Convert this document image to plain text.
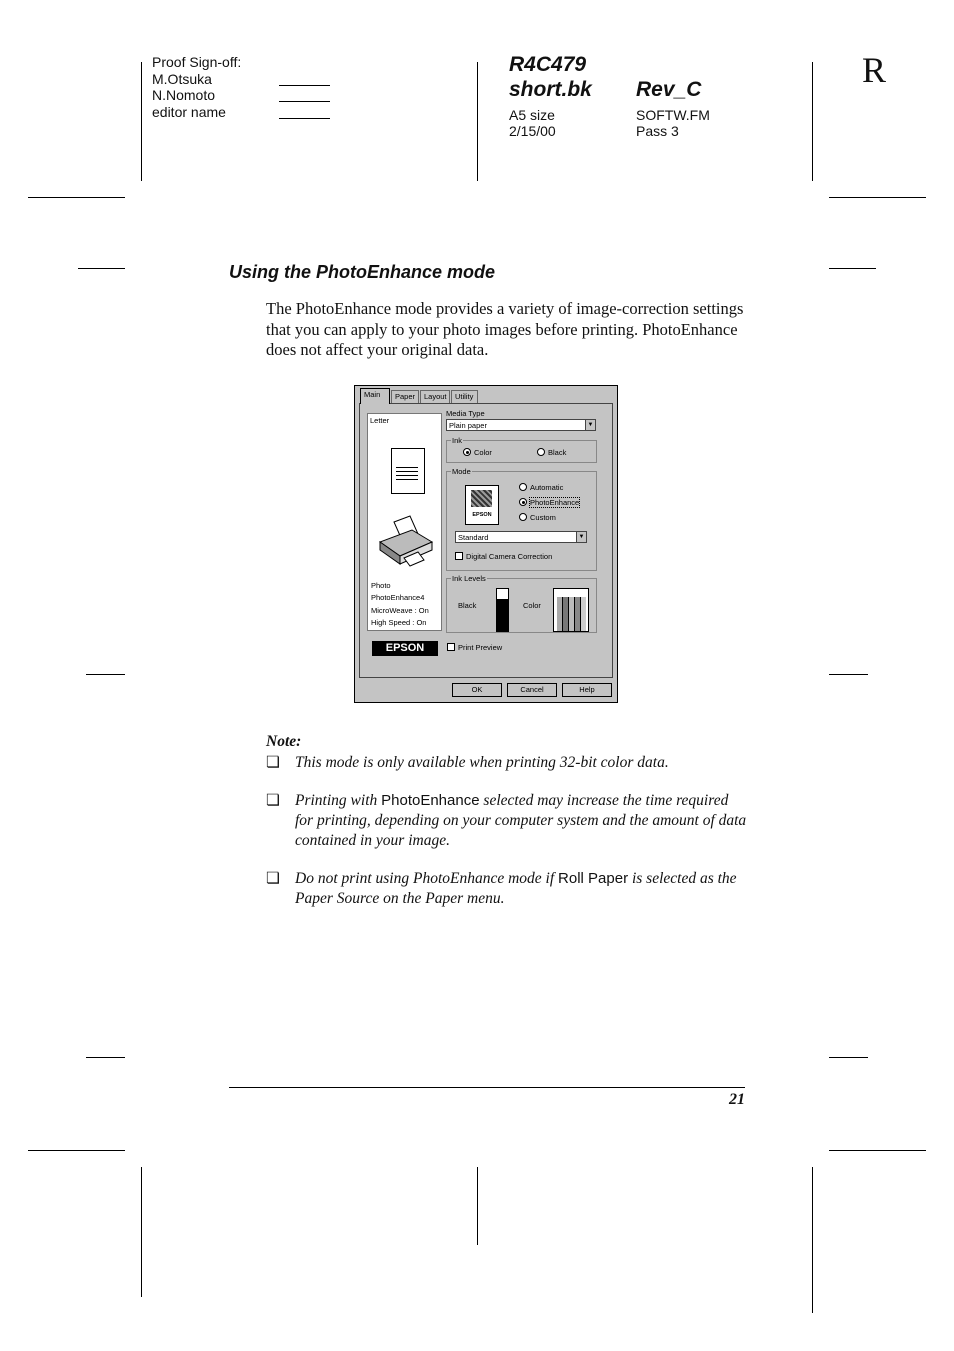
Proof Sign-off:
M.Otsuka
N.Nomoto
editor name
R4C479
short.bk Rev_C
A5 size
2/15/00
SOFTW.FM
Pass 3
R
Using the PhotoEnhance mode
The PhotoEnhance mode provides a variety of image-correction settings that you can apply to your photo images before printing. PhotoEnhance does not affect your original data.
Main	Paper	Layout	Utility
Letter
Photo
PhotoEnhance4
MicroWeave : On
High Speed : On
EPSON
Media Type
Plain paper	▼
Ink
Color	Black
Mode
EPSON
Automatic
PhotoEnhance
Custom
Standard	▼
Digital Camera Correction
Ink Levels
Black	Color
Print Preview
OK	Cancel	Help
Note:
❏ This mode is only available when printing 32-bit color data.
❏ Printing with PhotoEnhance selected may increase the time required for printing, depending on your computer system and the amount of data contained in your image.
❏ Do not print using PhotoEnhance mode if Roll Paper is selected as the Paper Source on the Paper menu.
21
